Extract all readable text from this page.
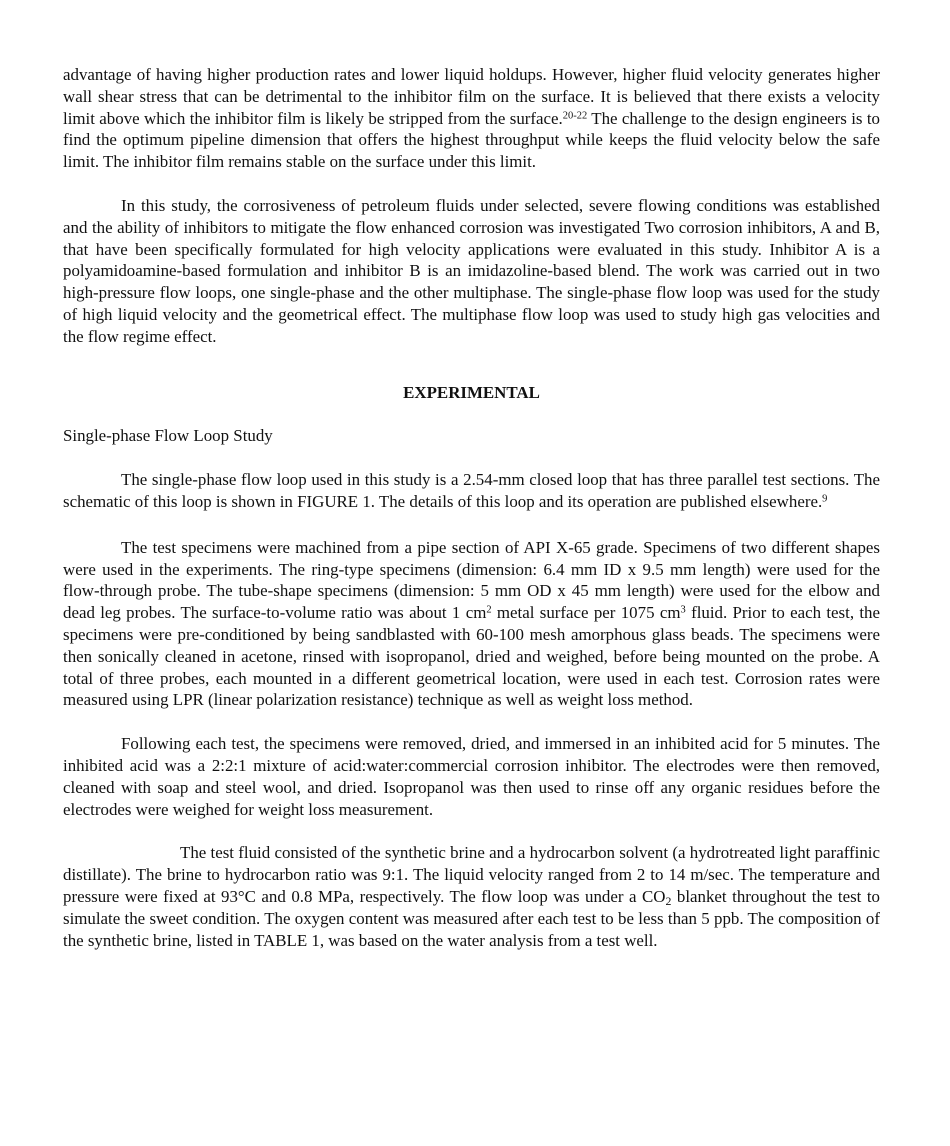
advantage of having higher production rates and lower liquid holdups. However, higher fluid velocity generates higher wall shear stress that can be detrimental to the inhibitor film on the surface. It is believed that there exists a velocity limit above which the inhibitor film is likely be stripped from the surface.$^{20-22}$ The challenge to the design engineers is to find the optimum pipeline dimension that offers the highest throughput while keeps the fluid velocity below the safe limit. The inhibitor film remains stable on the surface under this limit.

In this study, the corrosiveness of petroleum fluids under selected, severe flowing conditions was established and the ability of inhibitors to mitigate the flow enhanced corrosion was investigated Two corrosion inhibitors, A and B, that have been specifically formulated for high velocity applications were evaluated in this study. Inhibitor A is a polyamidoamine-based formulation and inhibitor B is an imidazoline-based blend. The work was carried out in two high-pressure flow loops, one single-phase and the other multiphase. The single-phase flow loop was used for the study of high liquid velocity and the geometrical effect. The multiphase flow loop was used to study high gas velocities and the flow regime effect.

EXPERIMENTAL

Single-phase Flow Loop Study

The single-phase flow loop used in this study is a 2.54-mm closed loop that has three parallel test sections. The schematic of this loop is shown in FIGURE 1. The details of this loop and its operation are published elsewhere.$^9$

The test specimens were machined from a pipe section of API X-65 grade. Specimens of two different shapes were used in the experiments. The ring-type specimens (dimension: 6.4 mm ID x 9.5 mm length) were used for the flow-through probe. The tube-shape specimens (dimension: 5 mm OD x 45 mm length) were used for the elbow and dead leg probes. The surface-to-volume ratio was about 1 $cm^2$ metal surface per 1075 $cm^3$ fluid. Prior to each test, the specimens were pre-conditioned by being sandblasted with 60-100 mesh amorphous glass beads. The specimens were then sonically cleaned in acetone, rinsed with isopropanol, dried and weighed, before being mounted on the probe. A total of three probes, each mounted in a different geometrical location, were used in each test. Corrosion rates were measured using LPR (linear polarization resistance) technique as well as weight loss method.

Following each test, the specimens were removed, dried, and immersed in an inhibited acid for 5 minutes. The inhibited acid was a 2:2:1 mixture of acid:water:commercial corrosion inhibitor. The electrodes were then removed, cleaned with soap and steel wool, and dried. Isopropanol was then used to rinse off any organic residues before the electrodes were weighed for weight loss measurement.

The test fluid consisted of the synthetic brine and a hydrocarbon solvent (a hydrotreated light paraffinic distillate). The brine to hydrocarbon ratio was 9:1. The liquid velocity ranged from 2 to 14 m/sec. The temperature and pressure were fixed at 93°C and 0.8 MPa, respectively. The flow loop was under a $CO_2$ blanket throughout the test to simulate the sweet condition. The oxygen content was measured after each test to be less than 5 ppb. The composition of the synthetic brine, listed in TABLE 1, was based on the water analysis from a test well.
